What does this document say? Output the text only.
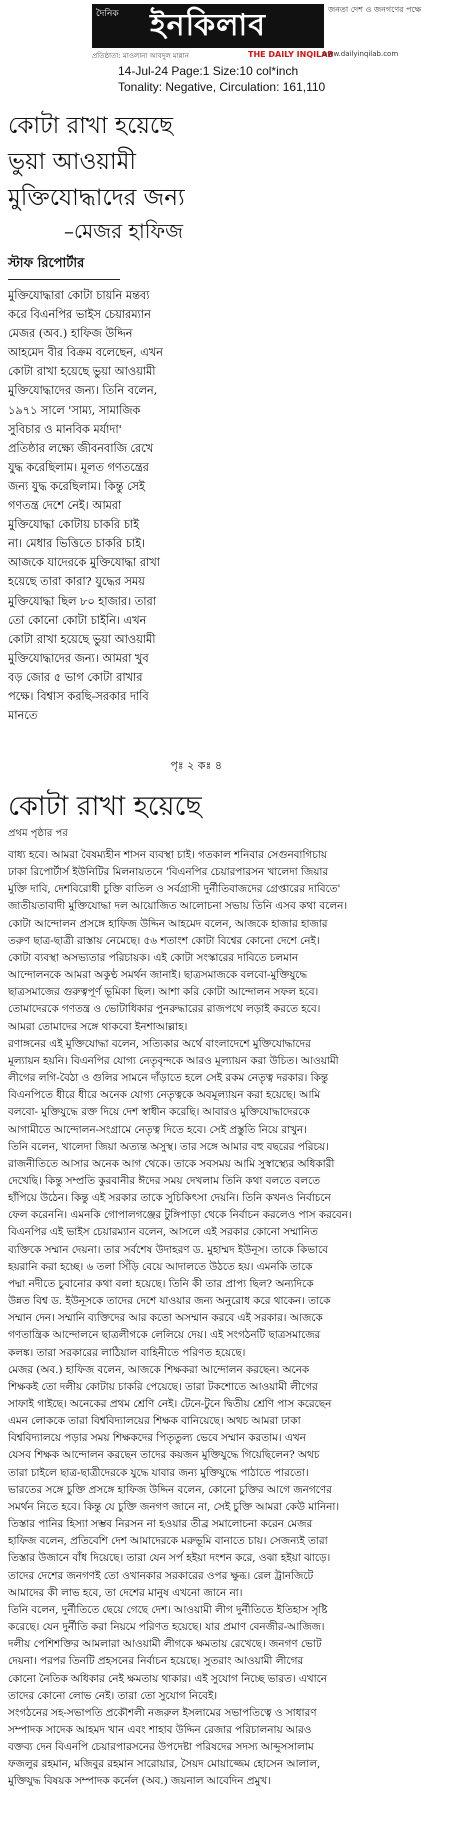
ইনকিলাব
দৈনিক	জনতা দেশ ও জনগণের পক্ষে
প্রতিষ্ঠাতা: মাওলানা আবদুল মান্নান	THE DAILY INQILAB
www.dailyinqilab.com
14-Jul-24 Page:1 Size:10 col*inch
Tonality: Negative, Circulation: 161,110
কোটা রাখা হয়েছে
ভুয়া আওয়ামী
মুক্তিযোদ্ধাদের জন্য
–মেজর হাফিজ
স্টাফ রিপোর্টার
মুক্তিযোদ্ধারা কোটা চায়নি মন্তব্য
করে বিএনপির ভাইস চেয়ারম্যান
মেজর (অব.) হাফিজ উদ্দিন
আহমেদ বীর বিক্রম বলেছেন, এখন
কোটা রাখা হয়েছে ভুয়া আওয়ামী
মুক্তিযোদ্ধাদের জন্য। তিনি বলেন,
১৯৭১ সালে 'সাম্য, সামাজিক
সুবিচার ও মানবিক মর্যাদা'
প্রতিষ্ঠার লক্ষ্যে জীবনবাজি রেখে
যুদ্ধ করেছিলাম। মূলত গণতন্ত্রের
জন্য যুদ্ধ করেছিলাম। কিন্তু সেই
গণতন্ত্র দেশে নেই। আমরা
মুক্তিযোদ্ধা কোটায় চাকরি চাই
না। মেধার ভিত্তিতে চাকরি চাই।
আজকে যাদেরকে মুক্তিযোদ্ধা রাখা
হয়েছে তারা কারা? যুদ্ধের সময়
মুক্তিযোদ্ধা ছিল ৮০ হাজার। তারা
তো কোনো কোটা চাইনি। এখন
কোটা রাখা হয়েছে ভুয়া আওয়ামী
মুক্তিযোদ্ধাদের জন্য। আমরা খুব
বড় জোর ৫ ভাগ কোটা রাখার
পক্ষে। বিশ্বাস করছি-সরকার দাবি
মানতে
পৃঃ ২ কঃ ৪
কোটা রাখা হয়েছে
প্রথম পৃষ্ঠার পর
বাধ্য হবে। আমরা বৈষম্যহীন শাসন ব্যবস্থা চাই। গতকাল শনিবার সেগুনবাগিচায়
ঢাকা রিপোর্টার্স ইউনিটির মিলনায়তনে 'বিএনপির চেয়ারপারসন খালেদা জিয়ার
মুক্তি দাবি, দেশবিরোধী চুক্তি বাতিল ও সর্বগ্রাসী দুর্নীতিবাজদের গ্রেপ্তারের দাবিতে'
জাতীয়তাবাদী মুক্তিযোদ্ধা দল আয়োজিত আলোচনা সভায় তিনি এসব কথা বলেন।
কোটা আন্দোলন প্রসঙ্গে হাফিজ উদ্দিন আহমেদ বলেন, আজকে হাজার হাজার
তরুণ ছাত্র-ছাত্রী রাস্তায় নেমেছে। ৫৬ শতাংশ কোটা বিশ্বের কোনো দেশে নেই।
কোটা ব্যবস্থা অসভ্যতার পরিচায়ক। এই কোটা সংস্কারের দাবিতে চলমান
আন্দোলনকে আমরা অকুণ্ঠ সমর্থন জানাই। ছাত্রসমাজকে বলবো-মুক্তিযুদ্ধে
ছাত্রসমাজের গুরুত্বপূর্ণ ভূমিকা ছিল। আশা করি কোটা আন্দোলন সফল হবে।
তোমাদেরকে গণতন্ত্র ও ভোটাধিকার পুনরুদ্ধারের রাজপথে লড়াই করতে হবে।
আমরা তোমাদের সঙ্গে থাকবো ইনশাআল্লাহ।
রণাঙ্গনের এই মুক্তিযোদ্ধা বলেন, সত্যিকার অর্থে বাংলাদেশে মুক্তিযোদ্ধাদের
মূল্যায়ন হয়নি। বিএনপির যোগ্য নেতৃবৃন্দকে আরও মূল্যায়ন করা উচিত। আওয়ামী
লীগের লগি-বৈঠা ও গুলির সামনে দাঁড়াতে হলে সেই রকম নেতৃত্ব দরকার। কিন্তু
বিএনপিতে ধীরে ধীরে অনেক যোগ্য নেতৃত্বকে অবমূল্যায়ন করা হয়েছে। আমি
বলবো- মুক্তিযুদ্ধে রক্ত দিয়ে দেশ স্বাধীন করেছি। আবারও মুক্তিযোদ্ধাদেরকে
আগামীতে আন্দোলন-সংগ্রামে নেতৃত্ব দিতে হবে। সেই প্রস্তুতি নিয়ে রাখুন।
তিনি বলেন, খালেদা জিয়া অত্যন্ত অসুস্থ। তার সঙ্গে আমার বহু বছরের পরিচয়।
রাজনীতিতে আসার অনেক আগ থেকে। তাকে সবসময় আমি সুস্বাস্থ্যের অধিকারী
দেখেছি। কিন্তু সম্প্রতি কুরবানীর ঈদের সময় দেখলাম তিনি কথা বলতে বলতে
হাঁপিয়ে উঠেন। কিন্তু এই সরকার তাকে সুচিকিৎসা দেয়নি। তিনি কখনও নির্বাচনে
ফেল করেননি। এমনকি গোপালগঞ্জের টুঙ্গিপাড়া থেকে নির্বাচন করলেও পাস করবেন।
বিএনপির এই ভাইস চেয়ারম্যান বলেন, আসলে এই সরকার কোনো সম্মানিত
ব্যক্তিকে সম্মান দেয়না। তার সর্বশেষ উদাহরণ ড. মুহাম্মদ ইউনূস। তাকে কিভাবে
হয়রানি করা হচ্ছে। ৬ তলা সিঁড়ি বেয়ে আদালতে উঠতে হয়। এমনকি তাকে
পদ্মা নদীতে চুবানোর কথা বলা হয়েছে। তিনি কী তার প্রাপ্য ছিল? অন্যদিকে
উন্নত বিশ্ব ড. ইউনূসকে তাদের দেশে যাওয়ার জন্য অনুরোধ করে থাকেন। তাকে
সম্মান দেন। সম্মানি ব্যক্তিদের আর কতো অসম্মান করবে এই সরকার। আজকে
গণতান্ত্রিক আন্দোলনে ছাত্রলীগকে লেলিয়ে দেয়। এই সংগঠনটি ছাত্রসমাজের
কলঙ্ক। তারা সরকারের লাঠিয়াল বাহিনীতে পরিণত হয়েছে।
মেজর (অব.) হাফিজ বলেন, আজকে শিক্ষকরা আন্দোলন করছেন। অনেক
শিক্ষকই তো দলীয় কোটায় চাকরি পেয়েছে। তারা টকশোতে আওয়ামী লীগের
সাফাই গাইছে। অনেকের প্রথম শ্রেণি নেই। টেনে-টুনে দ্বিতীয় শ্রেণি পাস করেছেন
এমন লোককে তারা বিশ্ববিদ্যালয়ের শিক্ষক বানিয়েছে। অথচ আমরা ঢাকা
বিশ্ববিদ্যালয়ে পড়ার সময় শিক্ষকদের পিতৃতুল্য ভেবে সম্মান করতাম। এখন
যেসব শিক্ষক আন্দোলন করছেন তাদের কয়জন মুক্তিযুদ্ধে গিয়েছিলেন? অথচ
তারা চাইলে ছাত্র-ছাত্রীদেরকে যুদ্ধে যাবার জন্য মুক্তিযুদ্ধে পাঠাতে পারতো।
ভারতের সঙ্গে চুক্তি প্রসঙ্গে হাফিজ উদ্দিন বলেন, কোনো চুক্তির আগে জনগণের
সমর্থন নিতে হবে। কিন্তু যে চুক্তি জনগণ জানে না, সেই চুক্তি আমরা কেউ মানিনা।
তিস্তার পানির হিস্যা সম্ভব নিরসন না হওয়ার তীব্র সমালোচনা করেন মেজর
হাফিজ বলেন, প্রতিবেশি দেশ আমাদেরকে মরুভূমি বানাতে চায়। সেজন্যই তারা
তিস্তার উজানে বাঁধ দিয়েছে। তারা যেন সর্প হইয়া দংশন করে, ওঝা হইয়া ঝাড়ে।
তাদের দেশের জনগণই তো ওখানকার সরকারের ওপর ক্ষুব্ধ। রেল ট্রানজিটে
আমাদের কী লাভ হবে, তা দেশের মানুষ এখনো জানে না।
তিনি বলেন, দুর্নীতিতে ছেয়ে গেছে দেশ। আওয়ামী লীগ দুর্নীতিতে ইতিহাস সৃষ্টি
করেছে। যেন দুর্নীতি করা নিয়মে পরিণত হয়েছে। যার প্রমাণ বেনজীর-আজিজ।
দলীয় পেশিশক্তির আমলারা আওয়ামী লীগকে ক্ষমতায় রেখেছে। জনগণ ভোট
দেয়না। পরপর তিনটি প্রহসনের নির্বাচন হয়েছে। সুতরাং আওয়ামী লীগের
কোনো নৈতিক অধিকার নেই ক্ষমতায় থাকার। এই সুযোগ নিচ্ছে ভারত। এখানে
তাদের কোনো লোভ নেই। তারা তো সুযোগ নিবেই।
সংগঠনের সহ-সভাপতি প্রকৌশলী নজরুল ইসলামের সভাপতিত্বে ও সাধারণ
সম্পাদক সাদেক আহমদ খান এবং শাহাব উদ্দিন রেজার পরিচালনায় আরও
বক্তব্য দেন বিএনপি চেয়ারপারসনের উপদেষ্টা পরিষদের সদস্য আব্দুসসালাম
ফজলুর রহমান, মজিবুর রহমান সারোয়ার, সৈয়দ মোয়াজ্জেম হোসেন আলাল,
মুক্তিযুদ্ধ বিষয়ক সম্পাদক কর্নেল (অব.) জয়নাল আবেদিন প্রমুখ।
